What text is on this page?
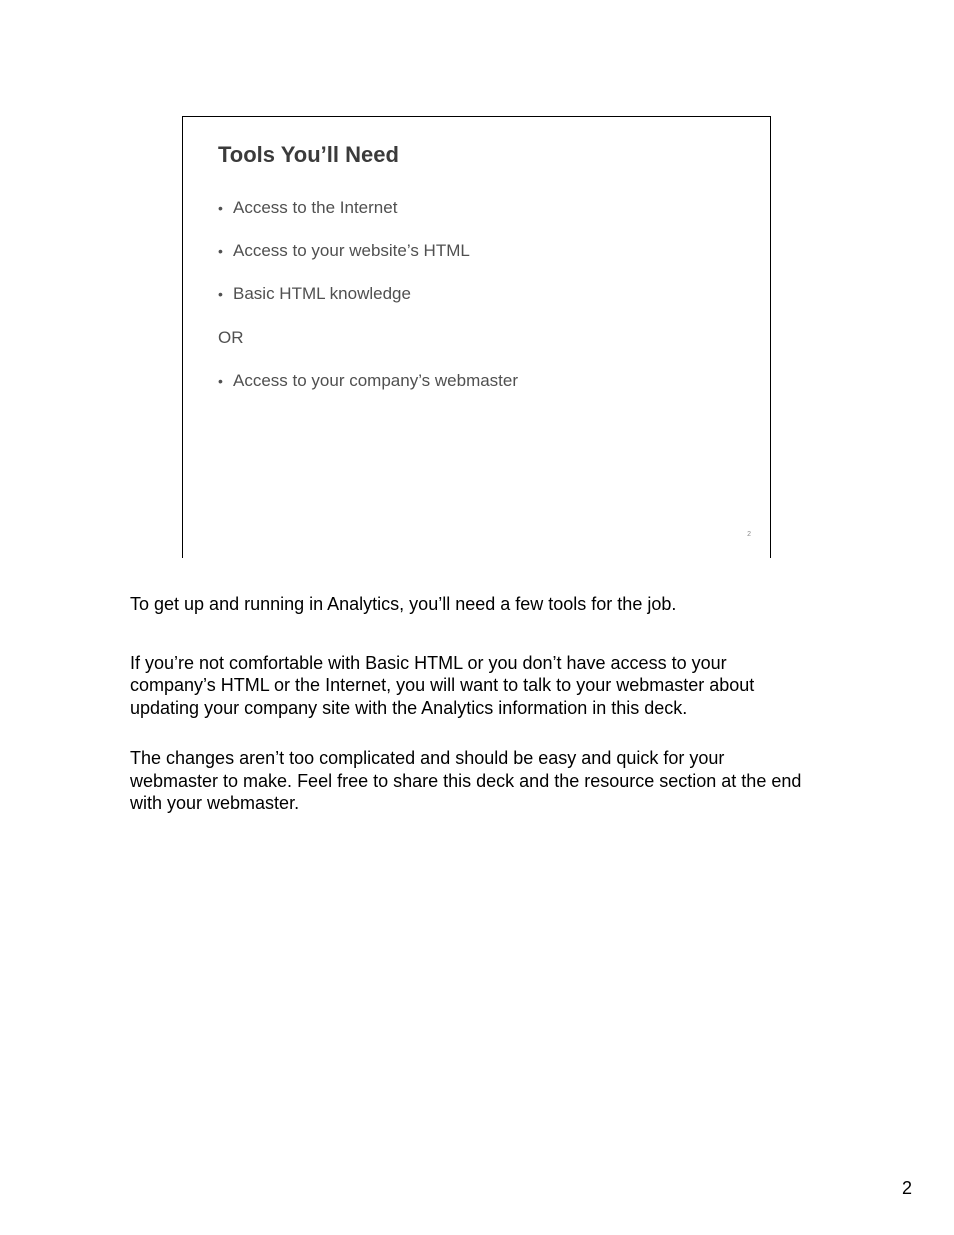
Tools You’ll Need
• Access to the Internet
• Access to your website’s HTML
• Basic HTML knowledge
OR
• Access to your company’s webmaster
2

To get up and running in Analytics, you’ll need a few tools for the job.

If you’re not comfortable with Basic HTML or you don’t have access to your company’s HTML or the Internet, you will want to talk to your webmaster about updating your company site with the Analytics information in this deck.

The changes aren’t too complicated and should be easy and quick for your webmaster to make. Feel free to share this deck and the resource section at the end with your webmaster.

2
